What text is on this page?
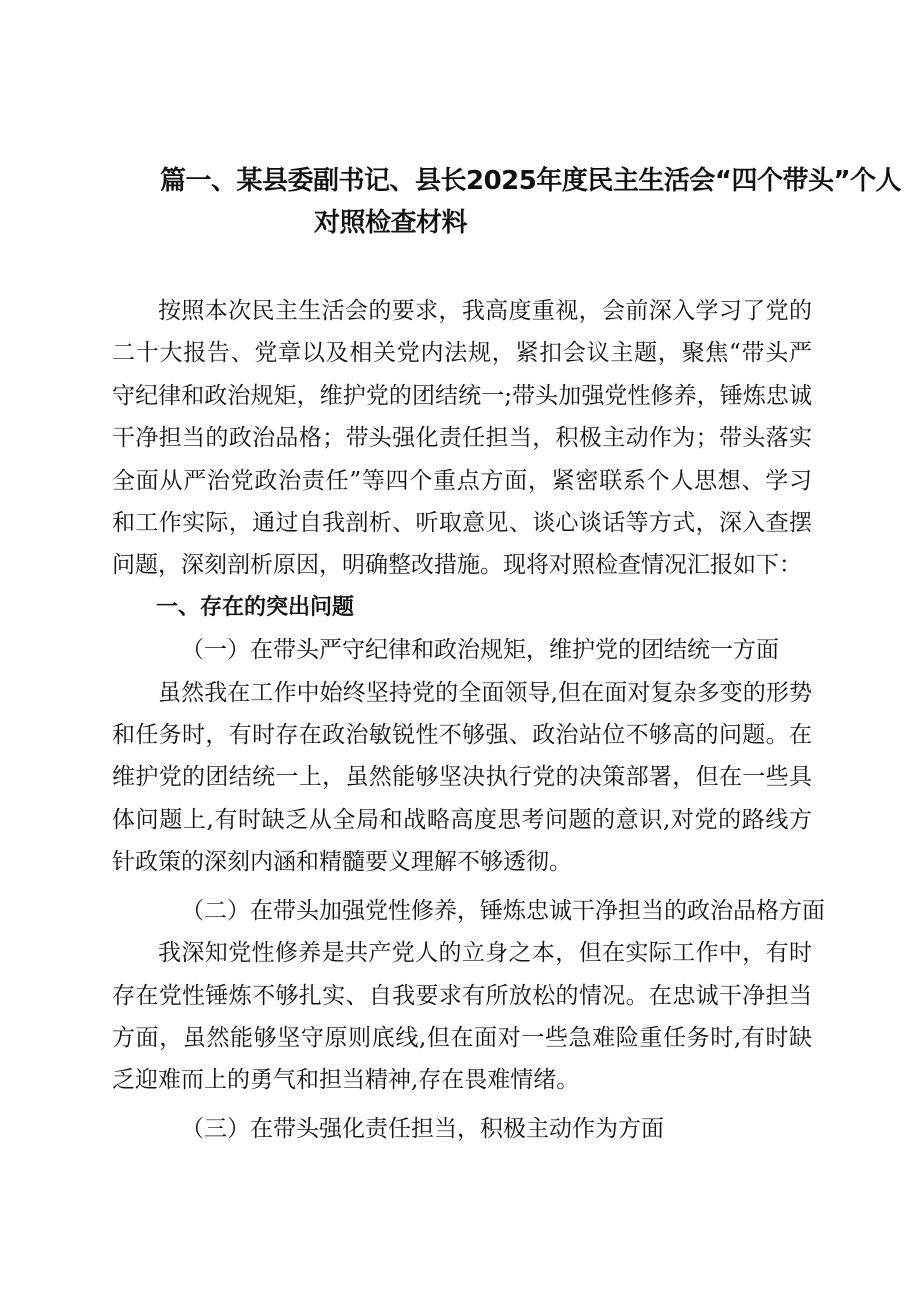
篇一、某县委副书记、县长2025年度民主生活会“四个带头”个人
对照检查材料

按照本次民主生活会的要求，我高度重视，会前深入学习了党的二十大报告、党章以及相关党内法规，紧扣会议主题，聚焦“带头严守纪律和政治规矩，维护党的团结统一;带头加强党性修养，锤炼忠诚干净担当的政治品格；带头强化责任担当，积极主动作为；带头落实全面从严治党政治责任”等四个重点方面，紧密联系个人思想、学习和工作实际，通过自我剖析、听取意见、谈心谈话等方式，深入查摆问题，深刻剖析原因，明确整改措施。现将对照检查情况汇报如下：

一、存在的突出问题

（一）在带头严守纪律和政治规矩，维护党的团结统一方面

虽然我在工作中始终坚持党的全面领导,但在面对复杂多变的形势和任务时，有时存在政治敏锐性不够强、政治站位不够高的问题。在维护党的团结统一上，虽然能够坚决执行党的决策部署，但在一些具体问题上,有时缺乏从全局和战略高度思考问题的意识,对党的路线方针政策的深刻内涵和精髓要义理解不够透彻。

（二）在带头加强党性修养，锤炼忠诚干净担当的政治品格方面

我深知党性修养是共产党人的立身之本，但在实际工作中，有时存在党性锤炼不够扎实、自我要求有所放松的情况。在忠诚干净担当方面，虽然能够坚守原则底线,但在面对一些急难险重任务时,有时缺乏迎难而上的勇气和担当精神,存在畏难情绪。

（三）在带头强化责任担当，积极主动作为方面
